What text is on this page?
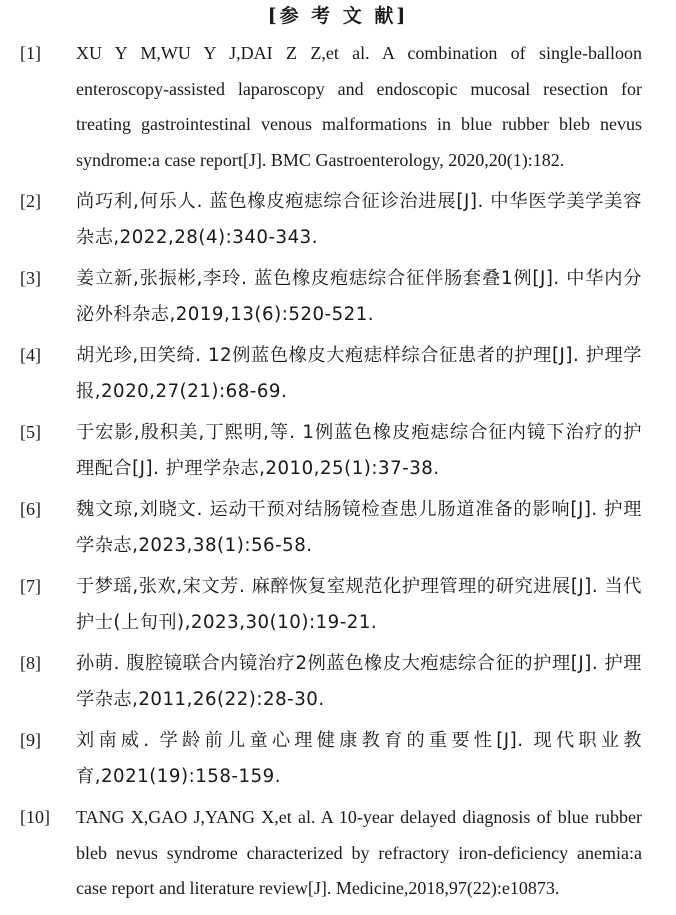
[参 考 文 献]
[1]	XU Y M,WU Y J,DAI Z Z,et al. A combination of single-balloon enteroscopy-assisted laparoscopy and endoscopic mucosal resection for treating gastrointestinal venous malformations in blue rubber bleb nevus syndrome:a case report[J]. BMC Gastroenterology, 2020,20(1):182.
[2]	尚巧利,何乐人. 蓝色橡皮疱痣综合征诊治进展[J]. 中华医学美学美容杂志,2022,28(4):340-343.
[3]	姜立新,张振彬,李玲. 蓝色橡皮疱痣综合征伴肠套叠1例[J]. 中华内分泌外科杂志,2019,13(6):520-521.
[4]	胡光珍,田笑绮. 12例蓝色橡皮大疱痣样综合征患者的护理[J]. 护理学报,2020,27(21):68-69.
[5]	于宏影,殷积美,丁熙明,等. 1例蓝色橡皮疱痣综合征内镜下治疗的护理配合[J]. 护理学杂志,2010,25(1):37-38.
[6]	魏文琼,刘晓文. 运动干预对结肠镜检查患儿肠道准备的影响[J]. 护理学杂志,2023,38(1):56-58.
[7]	于梦瑶,张欢,宋文芳. 麻醉恢复室规范化护理管理的研究进展[J]. 当代护士(上旬刊),2023,30(10):19-21.
[8]	孙萌. 腹腔镜联合内镜治疗2例蓝色橡皮大疱痣综合征的护理[J]. 护理学杂志,2011,26(22):28-30.
[9]	刘南威. 学龄前儿童心理健康教育的重要性[J]. 现代职业教育,2021(19):158-159.
[10]	TANG X,GAO J,YANG X,et al. A 10-year delayed diagnosis of blue rubber bleb nevus syndrome characterized by refractory iron-deficiency anemia:a case report and literature review[J]. Medicine,2018,97(22):e10873.
